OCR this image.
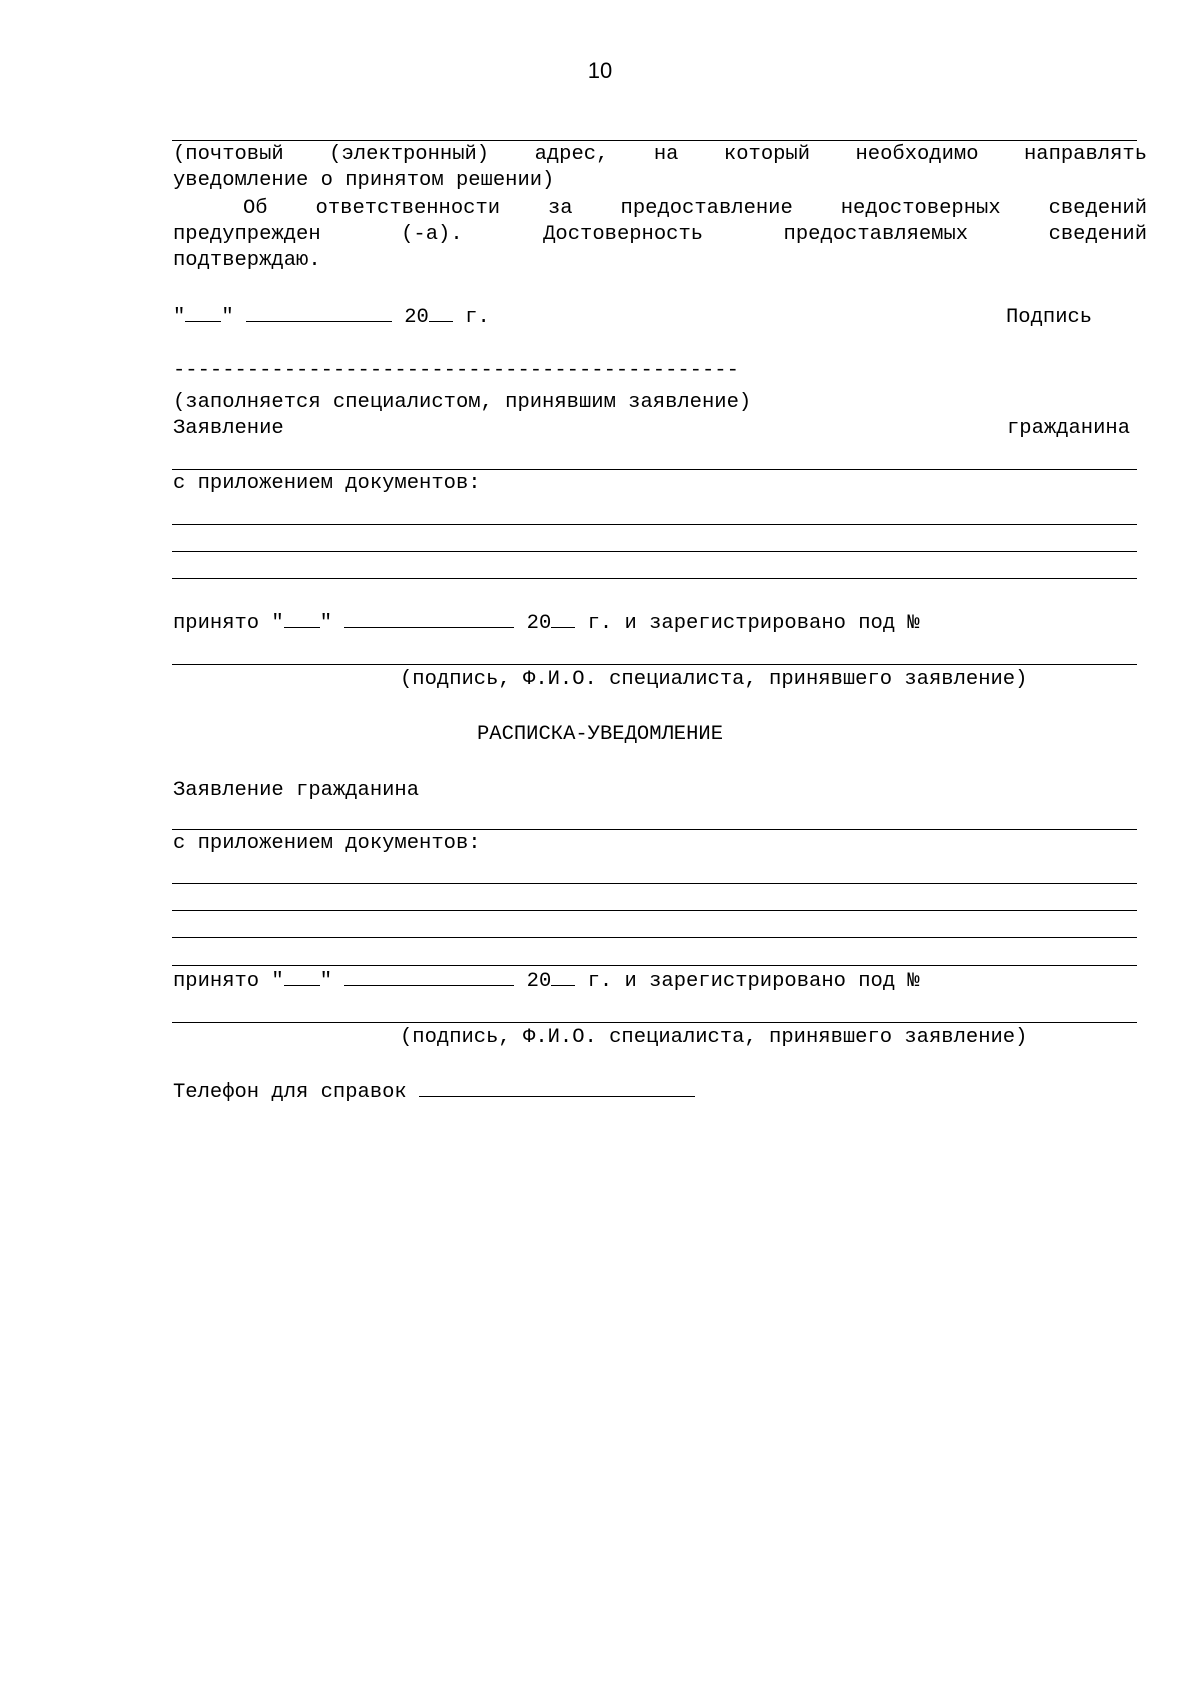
10
(почтовый (электронный) адрес, на который необходимо направлять
уведомление о принятом решении)
Об ответственности за предоставление недостоверных сведений
предупрежден (-а). Достоверность предоставляемых сведений
подтверждаю.
" "	20 г.	Подпись
----------------------------------------------
(заполняется специалистом, принявшим заявление)
Заявление	гражданина
с приложением документов:
принято " "	20 г. и зарегистрировано под №
(подпись, Ф.И.О. специалиста, принявшего заявление)
РАСПИСКА-УВЕДОМЛЕНИЕ
Заявление гражданина
с приложением документов:
принято " "	20 г. и зарегистрировано под №
(подпись, Ф.И.О. специалиста, принявшего заявление)
Телефон для справок
